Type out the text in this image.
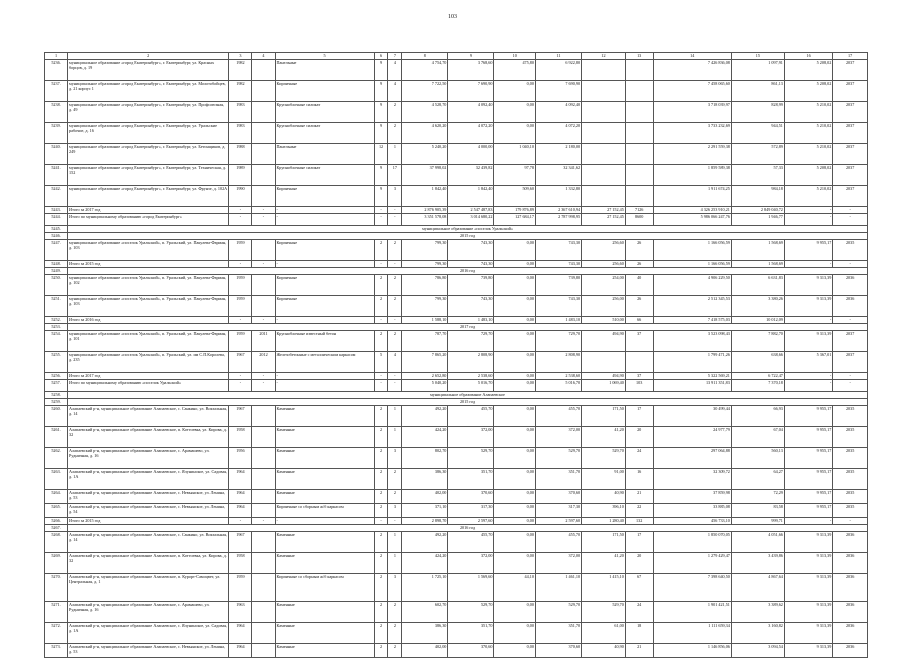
103
1	2	3	4	5	6	7	8	9	10	11	12	13	14	15	16	17
5236.	муниципальное образование «город Екатеринбург», г. Екатеринбург, ул. Красных борцов, д. 19	1982		Панельные	9	4	4 754,70	3 768,60	475,80	6 922,80			7 426 836,08	1 097,91	5 208,02	2037
5237.	муниципальное образование «город Екатеринбург», г. Екатеринбург, ул. Молотобойцев, д. 21 корпус 1	1982		Кирпичные	9	4	7 722,50	7 690,90	0,00	7 690,90			7 458 065,60	861,13	5 208,02	2037
5238.	муниципальное образование «город Екатеринбург», г. Екатеринбург, ул. Профсоюзная, д. 49	1983		Крупноблочные силикат	9	2	4 528,70	4 092,40	0,00	4 092,40			3 718 039,97	828,99	5 210,02	2037
5239.	муниципальное образование «город Екатеринбург», г. Екатеринбург, ул. Уральские рабочие, д. 16	1983		Крупноблочные силикат	9	2	4 620,20	4 072,20	0,00	4 072,20			3 733 232,69	944,51	5 210,02	2037
5240.	муниципальное образование «город Екатеринбург», г. Екатеринбург, ул. Бетонщиков, д. 249	1988		Панельные	12	1	5 240,20	4 000,00	1 040,10	2 180,00			2 291 559,38	572,89	5 210,02	2037
5241.	муниципальное образование «город Екатеринбург», г. Екатеринбург, ул. Техническая, д. 152	1989		Крупноблочные силикат	9	17	37 998,02	32 439,82	97,78	32 341,62			1 859 589,38	57,33	5 208,02	2037
5242.	муниципальное образование «город Екатеринбург», г. Екатеринбург, ул. Фрунзе, д. 102А	1990		Кирпичные	9	3	1 842,40	1 842,40	509,60	1 332,80			1 911 674,25	984,18	5 210,02	2037
5243.	Итого за 2017 год	-	-	-	-	-	2 876 905,39	2 547 487,83	179 876,89	2 367 610,94	27 152,45	7126	4 326 253 910,21	2 849 040,72	-	-
5244.	Итого по муниципальному образованию «город Екатеринбург»	-	-	-	-	-	3 351 578,08	3 014 680,22	127 684,17	2 787 998,95	27 152,45	8600	5 986 066 247,76	1 946,77	-	-
5245.	муниципальное образование «поселок Уральский»															
5246.	2015 год															
5247.	муниципальное образование «поселок Уральский», п. Уральский, ул. Пакулева-Фарман, д. 103	1959		Кирпичные	2	2	799,30	743,30	0,00	743,30	256,60	26	1 166 056,59	1 568,69	9 955,17	2035
5248.	Итого за 2015 год	-	-	-	-	-	799,30	743,30	0,00	743,30	256,60	26	1 166 056,59	1 568,69	-	-
5249.	2016 год															
5250.	муниципальное образование «поселок Уральский», п. Уральский, ул. Пакулева-Фарман, д. 102	1959		Кирпичные	2	2	786,80	739,80	0,00	739,80	254,00	40	4 906 229,50	6 631,83	9 313,39	2036
5251.	муниципальное образование «поселок Уральский», п. Уральский, ул. Пакулева-Фарман, д. 103	1959		Кирпичные	2	2	799,30	743,30	0,00	743,30	256,00	26	2 512 345,53	3 380,26	9 313,39	2036
5252.	Итого за 2016 год	-	-	-	-	-	1 588,10	1 483,10	0,00	1 483,10	510,00	66	7 418 575,03	10 012,09	-	-
5253.	2017 год															
5254.	муниципальное образование «поселок Уральский», п. Уральский, ул. Пакулева-Фарман, д. 101	1959	2011	Крупноблочные известный бетон	2	2	787,70	729,70	0,00	729,70	494,90	37	3 523 098,43	7 882,70	9 313,39	2037
5255.	муниципальное образование «поселок Уральский», п. Уральский, ул. им С.П.Королева, д. 235	1967	2012	Железобетонные с металлическим каркасом	5	4	7 865,20	2 808,90	0,00	2 808,90			1 799 471,26	638,66	5 367,01	2037
5256.	Итого за 2017 год	-	-	-	-	-	2 652,80	2 538,60	0,00	2 538,60	494,90	37	5 322 569,21	6 722,47	-	-
5257.	Итого по муниципальному образованию «поселок Уральский»	-	-	-	-	-	5 040,20	5 016,70	0,00	5 016,70	1 069,40	103	13 911 351,83	7 370,18	-	-
5258.	муниципальное образование Алапаевское															
5259.	2015 год															
5260.	Алапаевский р-н, муниципальное образование Алапаевское, с. Санкино, ул. Вокзальная, д. 14	1967		Каменные	2	1	492,20	455,70	0,00	455,70	171,50	17	30 499,44	66,93	9 955,17	2035
5261.	Алапаевский р-н, муниципальное образование Алапаевское, п. Коттоевка, ул. Кирова, д. 32	1958		Каменные	2	1	424,20	372,00	0,00	372,00	41,20	20	24 977,79	67,04	9 955,17	2035
5262.	Алапаевский р-н, муниципальное образование Алапаевское, с. Арамашево, ул. Рудничная, д. 16	1956		Каменные	2	3	802,70	529,70	0,00	529,70	529,70	24	297 064,88	560,13	9 955,17	2035
5263.	Алапаевский р-н, муниципальное образование Алапаевское, с. Ялунинское, ул. Садовая, д. 1А	1964		Каменные	2	2	386,30	351,70	0,00	351,70	91,00	16	32 309,72	64,27	9 955,17	2035
5264.	Алапаевский р-н, муниципальное образование Алапаевское, с. Невьянское, ул. Ленина, д. 53	1964		Каменные	2	2	402,00	370,60	0,00	370,60	40,90	21	37 859,98	72,29	9 955,17	2035
5265.	Алапаевский р-н, муниципальное образование Алапаевское, с. Невьянское, ул. Ленина, д. 54	1964		Кирпичные со сборным ж/б каркасом	2	3	371,10	317,30	0,00	317,30	396,10	22	33 885,08	83,58	9 955,17	2035
5266.	Итого за 2015 год	-	-	-	-	-	2 898,70	2 597,60	0,00	2 597,60	1 280,40	132	456 733,10	999,71	-	-
5267.	2016 год															
5268.	Алапаевский р-н, муниципальное образование Алапаевское, с. Санкино, ул. Вокзальная, д. 14	1967		Каменные	2	1	492,20	455,70	0,00	455,70	171,50	17	1 850 070,05	4 051,66	9 313,39	2036
5269.	Алапаевский р-н, муниципальное образование Алапаевское, п. Коттоевка, ул. Кирова, д. 32	1958		Каменные	2	1	424,20	372,00	0,00	372,00	41,20	20	1 279 429,47	3 439,86	9 313,39	2036
5270.	Алапаевский р-н, муниципальное образование Алапаевское, п. Курорт-Самоцвет, ул. Центральная, д. 1	1959		Кирпичные со сборным ж/б каркасом	2	3	1 725,10	1 569,60	44,10	1 461,10	1 415,10	67	7 398 640,50	4 867,64	9 313,39	2036
5271.	Алапаевский р-н, муниципальное образование Алапаевское, с. Арамашево, ул. Рудничная, д. 16	1963		Каменные	2	2	602,70	529,70	0,00	529,70	529,70	24	1 901 421,51	3 389,62	9 313,39	2036
5272.	Алапаевский р-н, муниципальное образование Алапаевское, с. Ялунинское, ул. Садовая, д. 1А	1964		Каменные	2	2	386,30	351,70	0,00	351,70	61,00	18	1 111 659,34	3 160,82	9 313,39	2036
5273.	Алапаевский р-н, муниципальное образование Алапаевское, с. Невьянское, ул. Ленина, д. 53	1964		Каменные	2	2	402,00	370,60	0,00	370,60	40,90	21	1 146 856,06	3 094,54	9 313,39	2036
